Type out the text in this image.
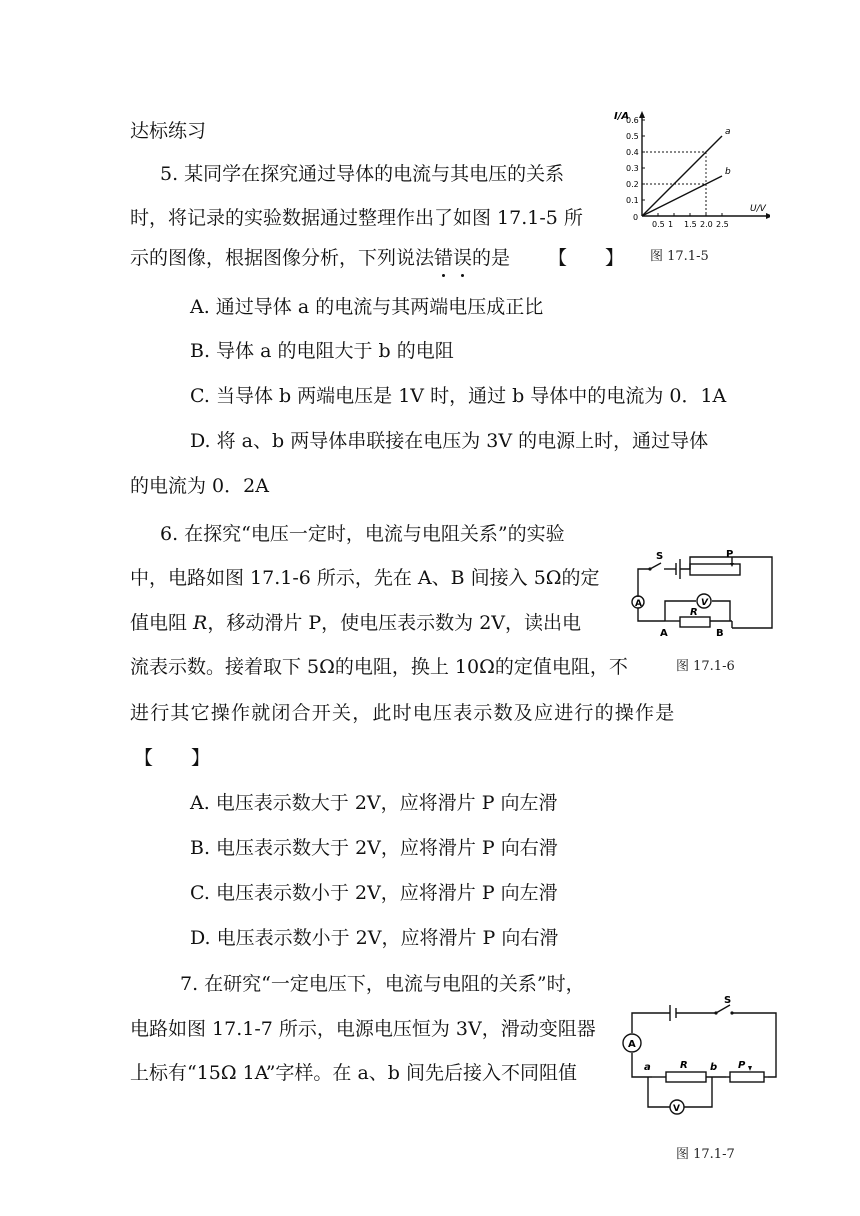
达标练习
5. 某同学在探究通过导体的电流与其电压的关系
时，将记录的实验数据通过整理作出了如图 17.1-5 所
示的图像，根据图像分析，下列说法错误的是 【　　】
A. 通过导体 a 的电流与其两端电压成正比
B. 导体 a 的电阻大于 b 的电阻
C. 当导体 b 两端电压是 1V 时，通过 b 导体中的电流为 0．1A
D. 将 a、b 两导体串联接在电压为 3V 的电源上时，通过导体
的电流为 0．2A
I/A
U/V
0
0.6
0.5
0.4
0.3
0.2
0.1
0.5 1 1.5 2.0 2.5
a
b
图 17.1-5
6. 在探究“电压一定时，电流与电阻关系”的实验
中，电路如图 17.1-6 所示，先在 A、B 间接入 5Ω的定
值电阻 R，移动滑片 P，使电压表示数为 2V，读出电
流表示数。接着取下 5Ω的电阻，换上 10Ω的定值电阻，不
进行其它操作就闭合开关，此时电压表示数及应进行的操作是
【　　】
A. 电压表示数大于 2V，应将滑片 P 向左滑
B. 电压表示数大于 2V，应将滑片 P 向右滑
C. 电压表示数小于 2V，应将滑片 P 向左滑
D. 电压表示数小于 2V，应将滑片 P 向右滑
S	P
A	V
R
A	B
图 17.1-6
7. 在研究“一定电压下，电流与电阻的关系”时，
电路如图 17.1-7 所示，电源电压恒为 3V，滑动变阻器
上标有“15Ω 1A”字样。在 a、b 间先后接入不同阻值
S
A
V
R	P
a	b
图 17.1-7
